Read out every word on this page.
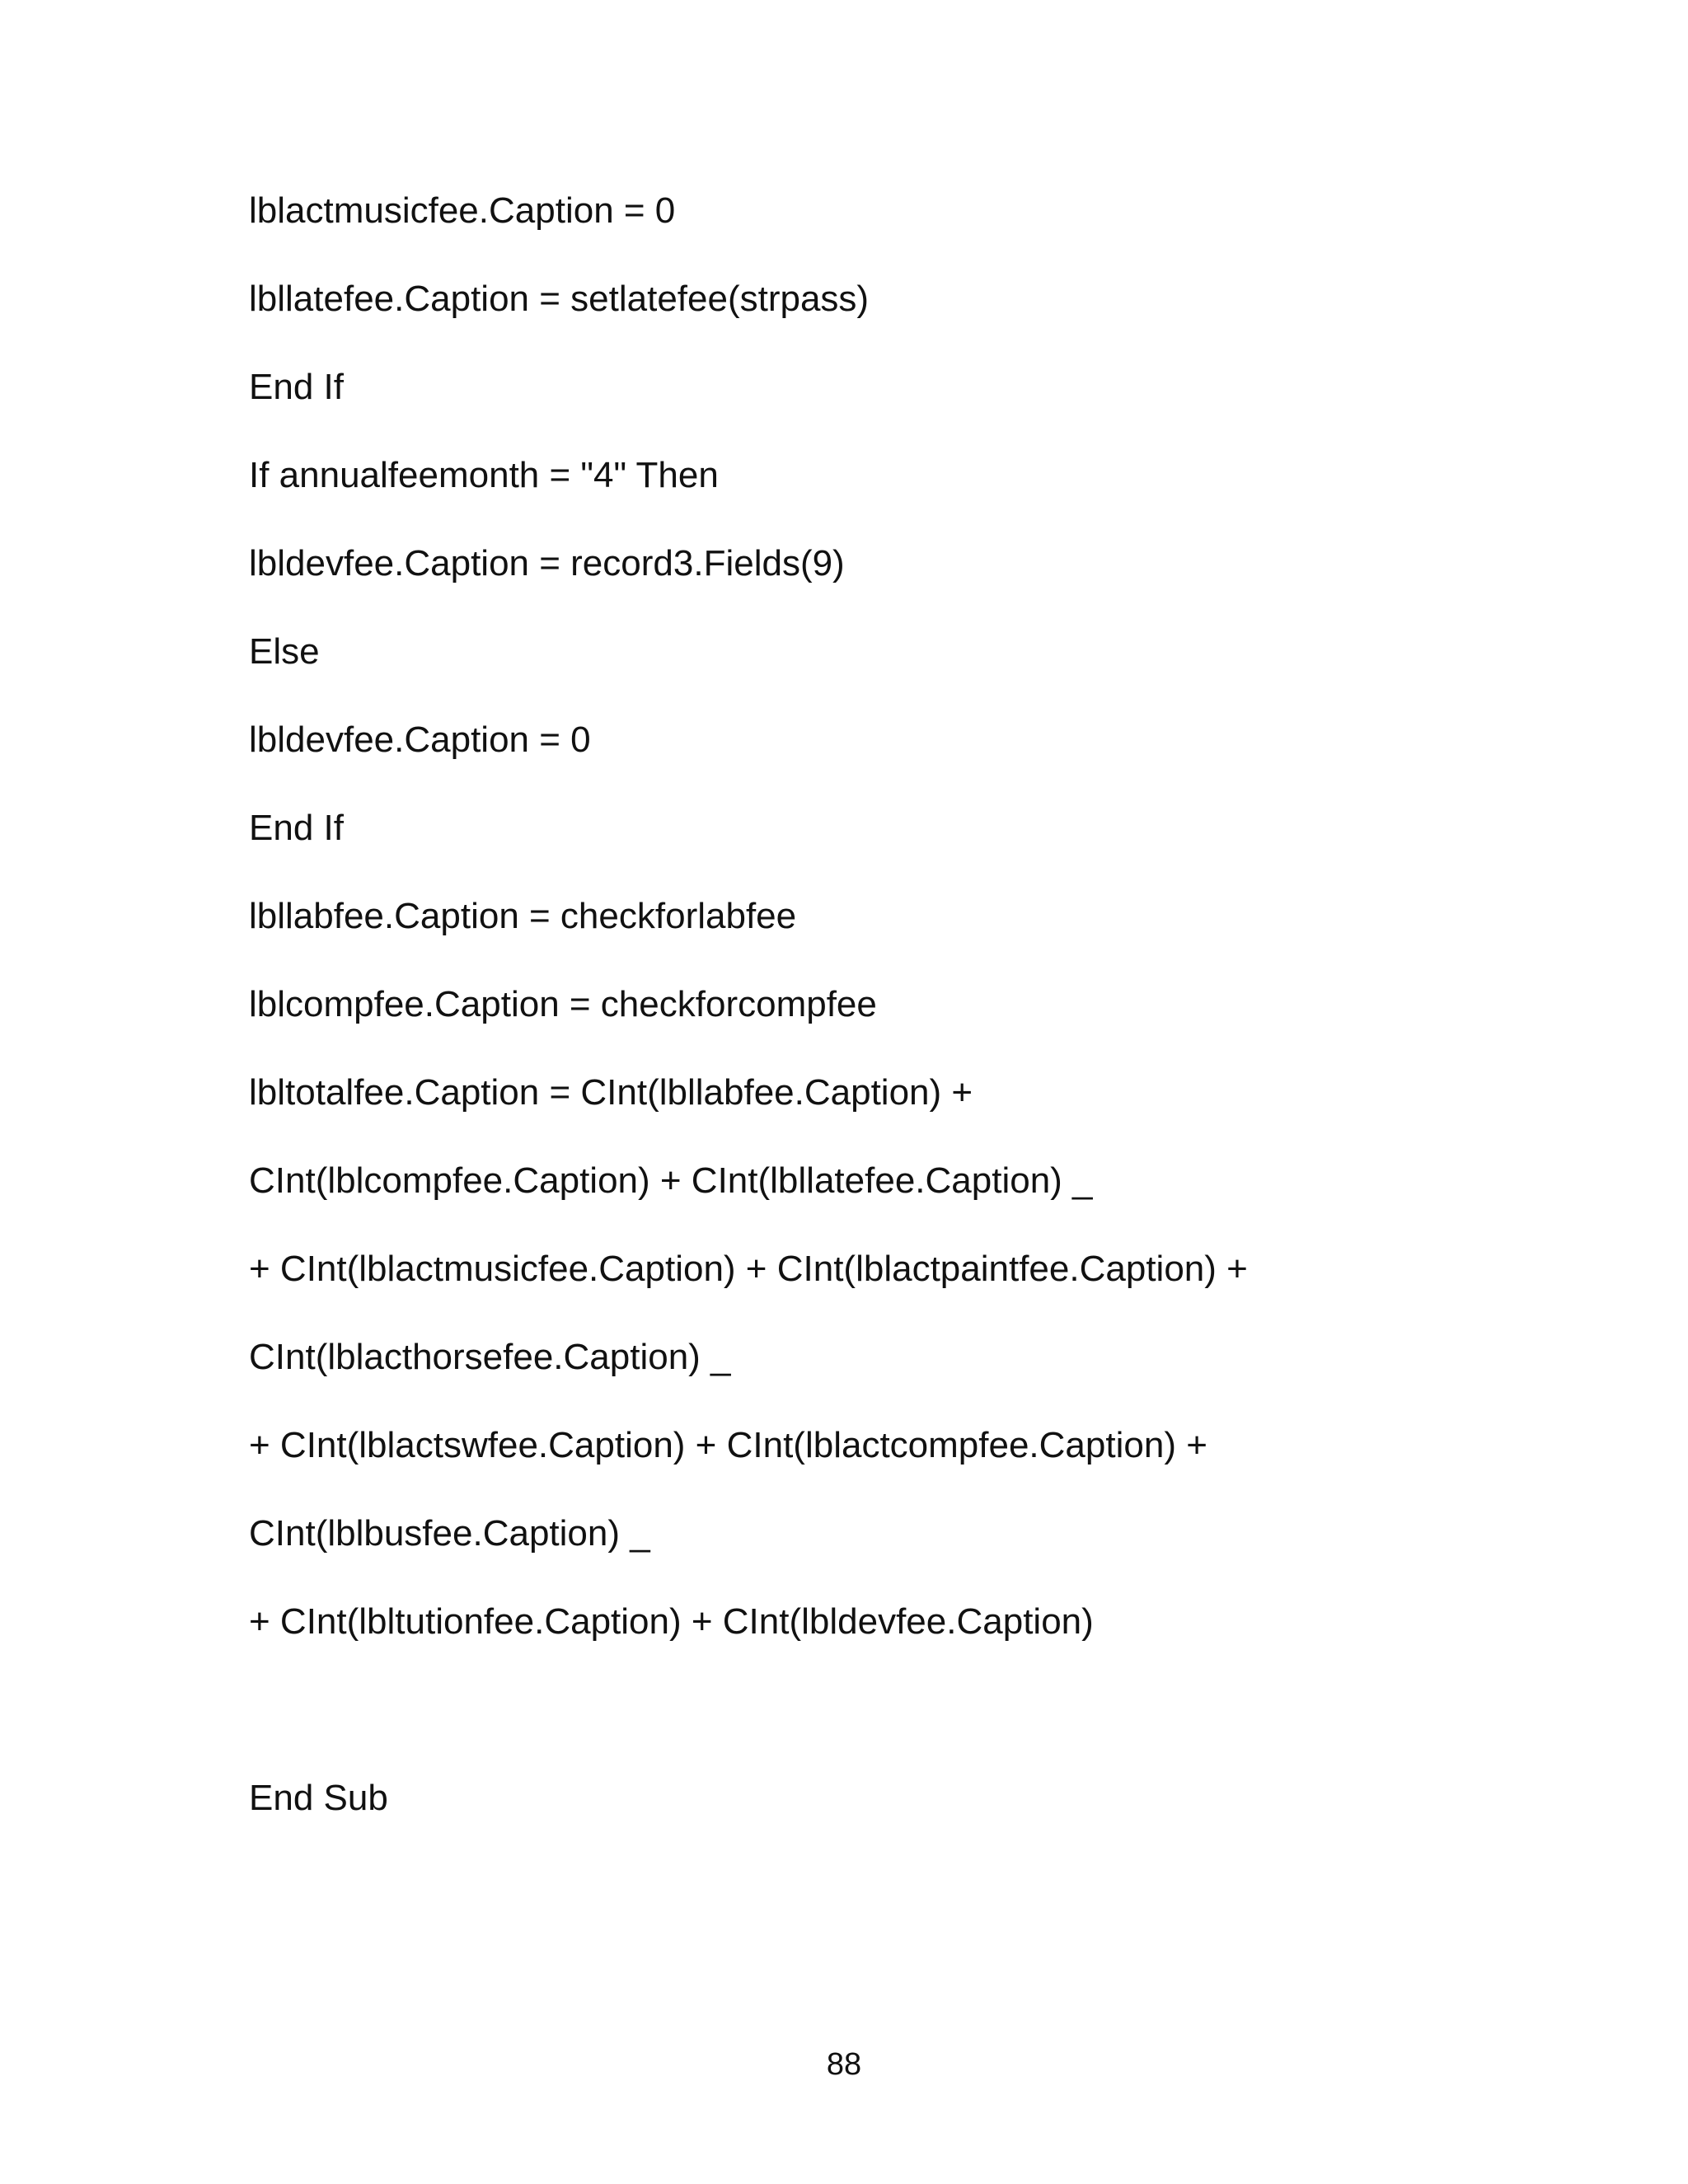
lblactmusicfee.Caption = 0
lbllatefee.Caption = setlatefee(strpass)
End If
If annualfeemonth = "4" Then
lbldevfee.Caption = record3.Fields(9)
Else
lbldevfee.Caption = 0
End If
lbllabfee.Caption = checkforlabfee
lblcompfee.Caption = checkforcompfee
lbltotalfee.Caption = CInt(lbllabfee.Caption) +
CInt(lblcompfee.Caption) + CInt(lbllatefee.Caption) _
+ CInt(lblactmusicfee.Caption) + CInt(lblactpaintfee.Caption) +
CInt(lblacthorsefee.Caption) _
+ CInt(lblactswfee.Caption) + CInt(lblactcompfee.Caption) +
CInt(lblbusfee.Caption) _
+ CInt(lbltutionfee.Caption) + CInt(lbldevfee.Caption)
End Sub
88
